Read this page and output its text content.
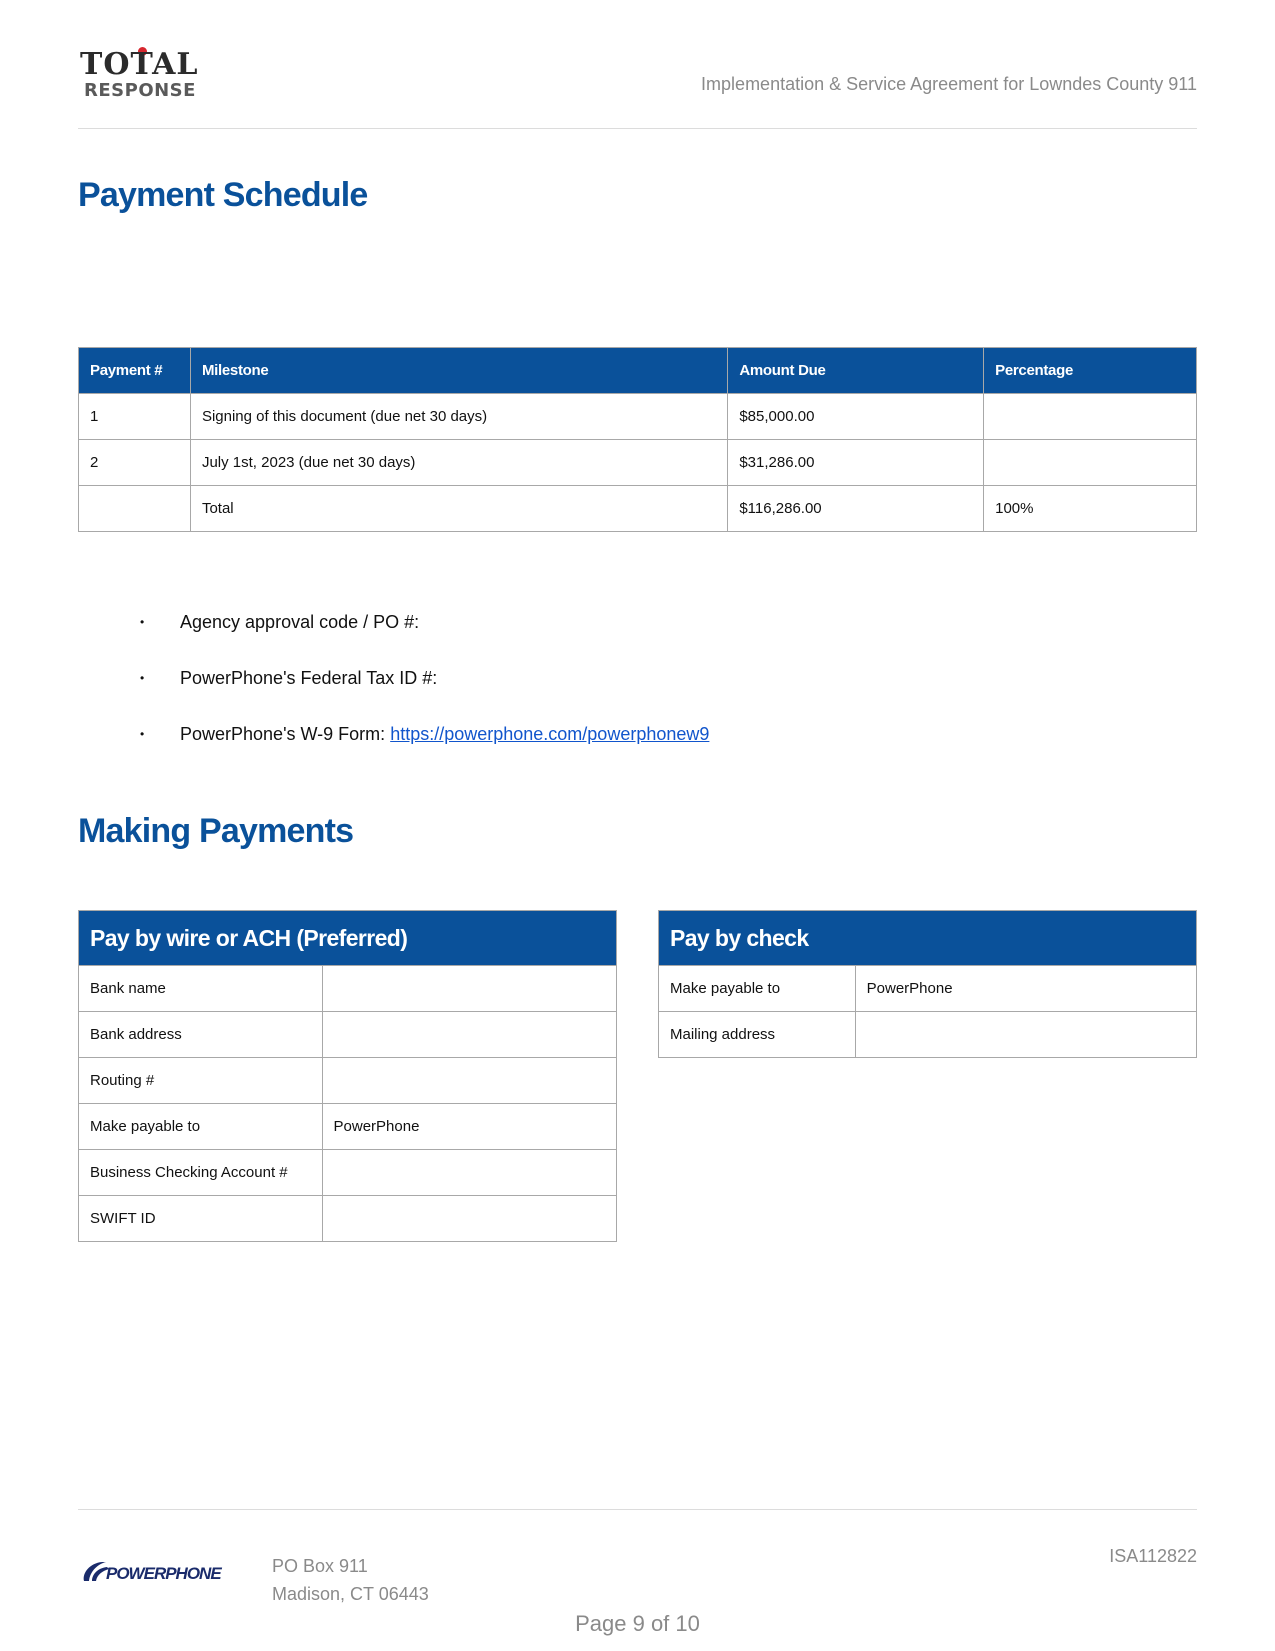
TOTAL
RESPONSE	Implementation & Service Agreement for Lowndes County 911
Payment Schedule
Payment #	Milestone	Amount Due	Percentage
1	Signing of this document (due net 30 days)	$85,000.00	
2	July 1st, 2023 (due net 30 days)	$31,286.00	
	Total	$116,286.00	100%
• Agency approval code / PO #:
• PowerPhone's Federal Tax ID #:
• PowerPhone's W-9 Form: https://powerphone.com/powerphonew9
Making Payments
Pay by wire or ACH (Preferred)	
Bank name	
Bank address	
Routing #	
Make payable to	PowerPhone
Business Checking Account #	
SWIFT ID	
Pay by check	
Make payable to	PowerPhone
Mailing address	
POWERPHONE	PO Box 911
Madison, CT 06443
ISA112822
Page 9 of 10
